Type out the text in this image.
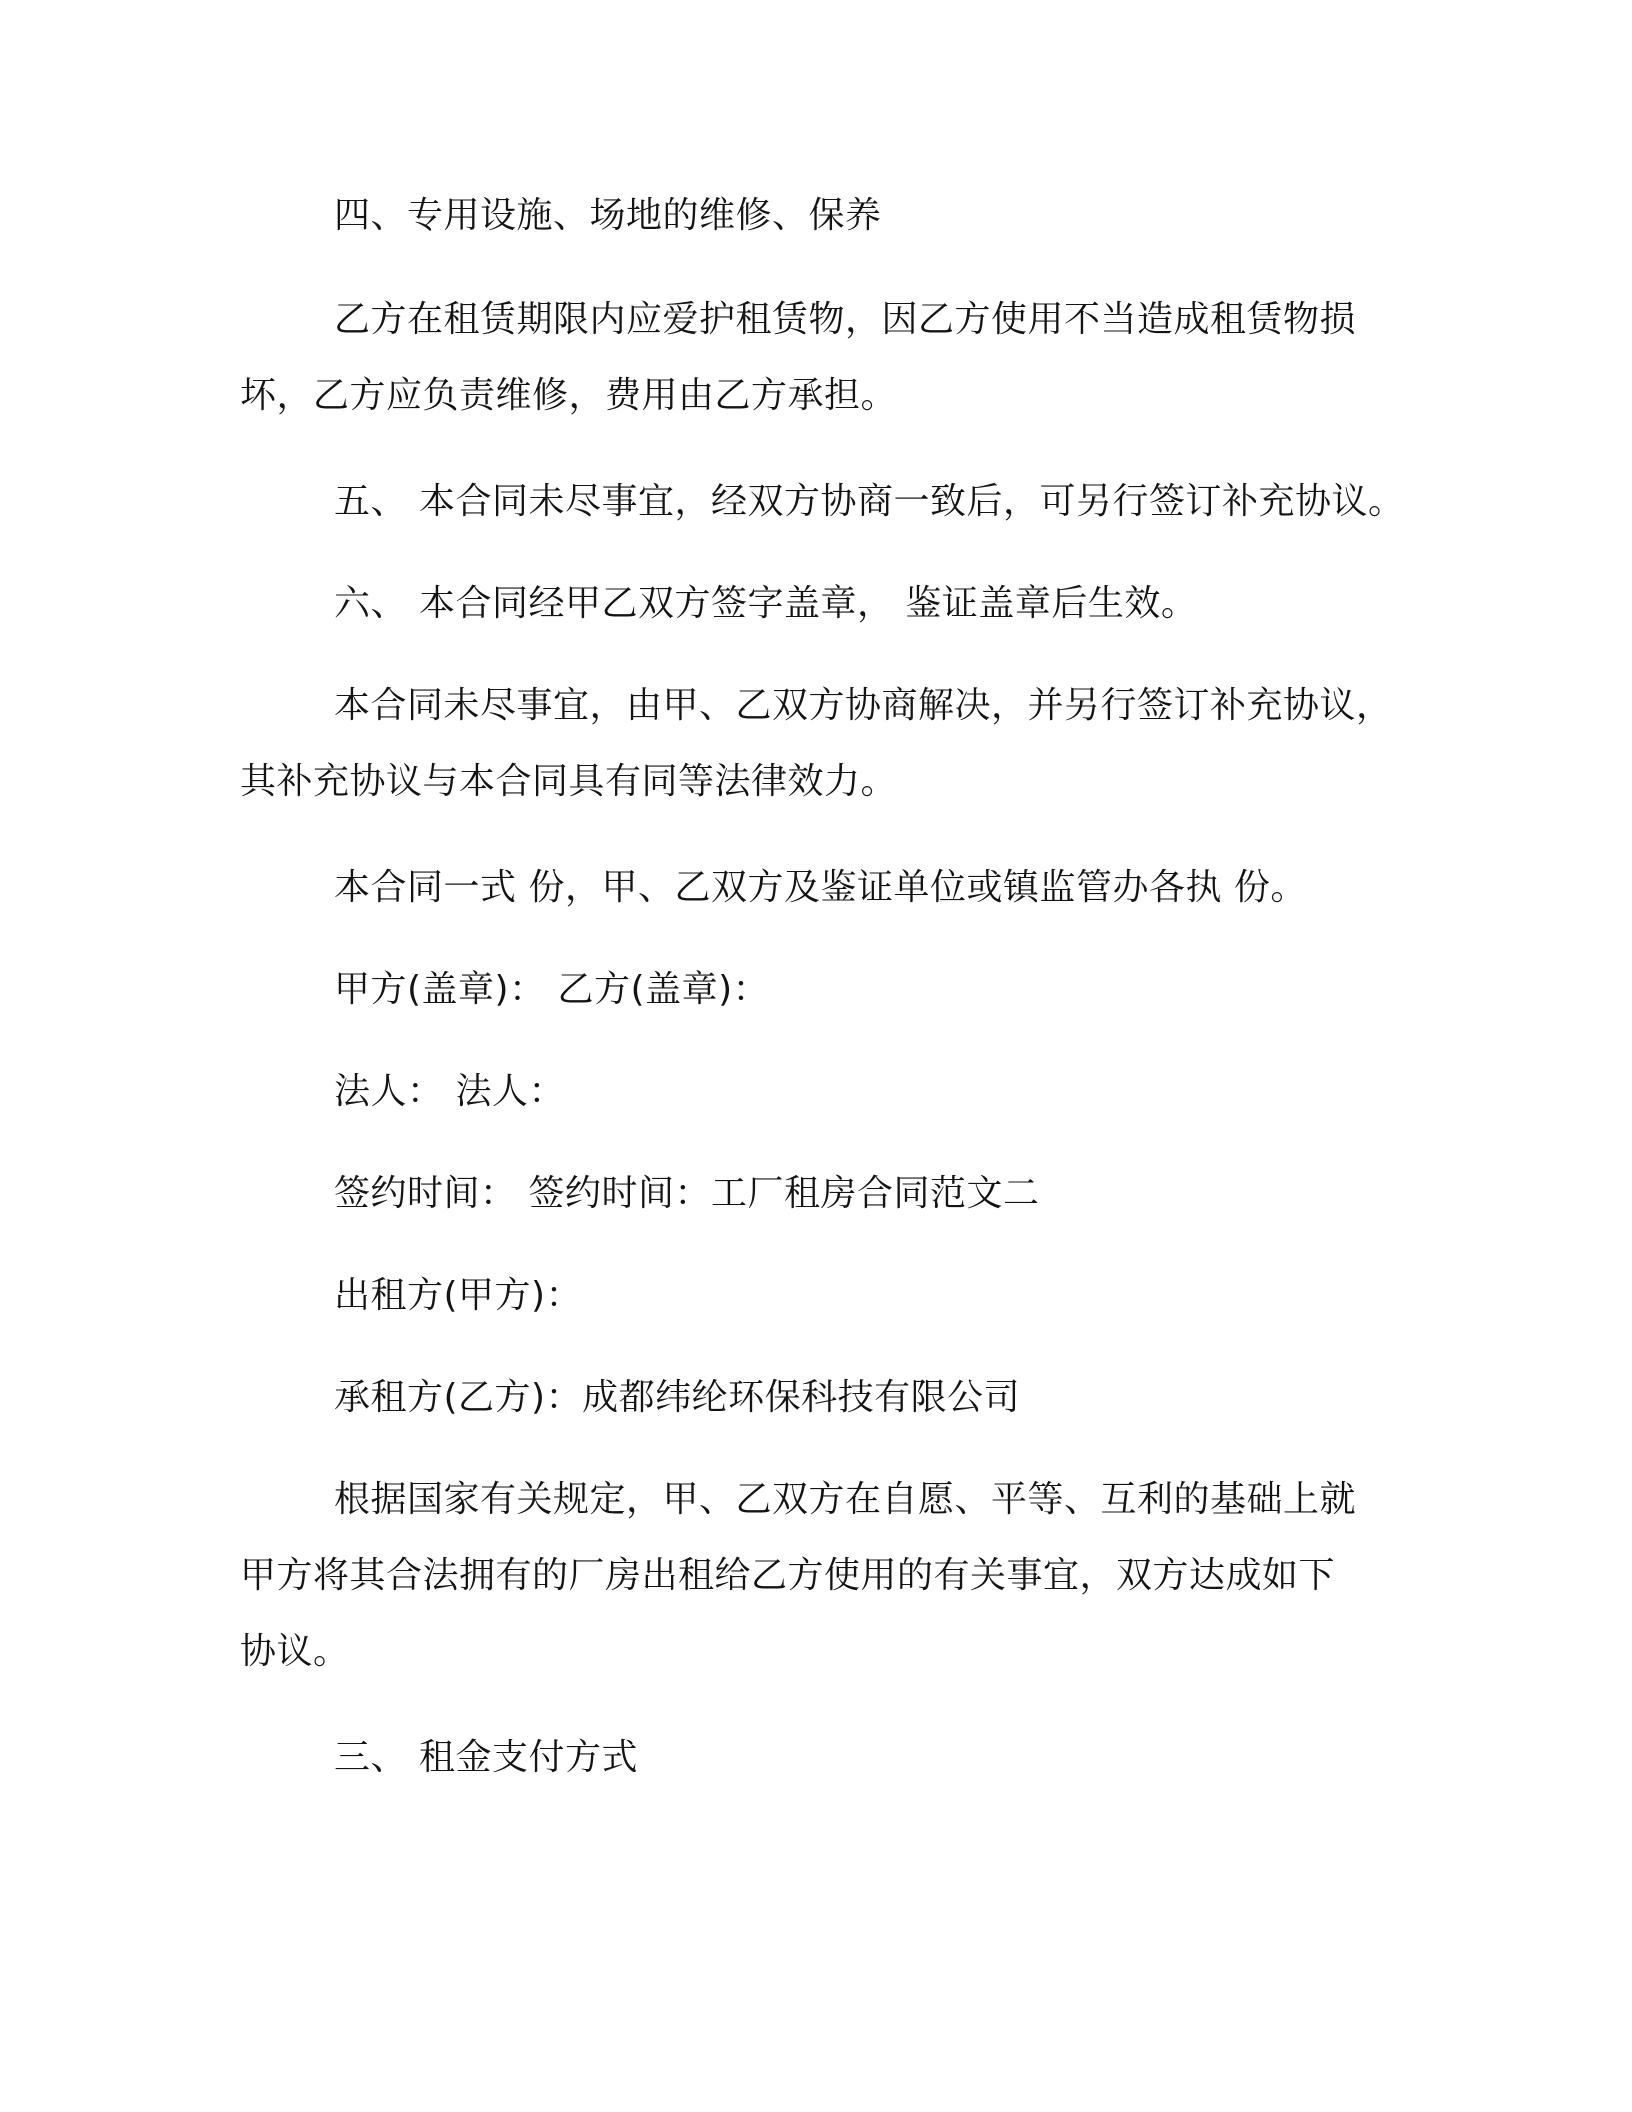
四、专用设施、场地的维修、保养
乙方在租赁期限内应爱护租赁物，因乙方使用不当造成租赁物损
坏，乙方应负责维修，费用由乙方承担。
五、 本合同未尽事宜，经双方协商一致后，可另行签订补充协议。
六、 本合同经甲乙双方签字盖章， 鉴证盖章后生效。
本合同未尽事宜，由甲、乙双方协商解决，并另行签订补充协议，
其补充协议与本合同具有同等法律效力。
本合同一式 份，甲、乙双方及鉴证单位或镇监管办各执 份。
甲方(盖章)： 乙方(盖章)：
法人： 法人：
签约时间： 签约时间：工厂租房合同范文二
出租方(甲方)：
承租方(乙方)：成都纬纶环保科技有限公司
根据国家有关规定，甲、乙双方在自愿、平等、互利的基础上就
甲方将其合法拥有的厂房出租给乙方使用的有关事宜，双方达成如下
协议。
三、 租金支付方式
